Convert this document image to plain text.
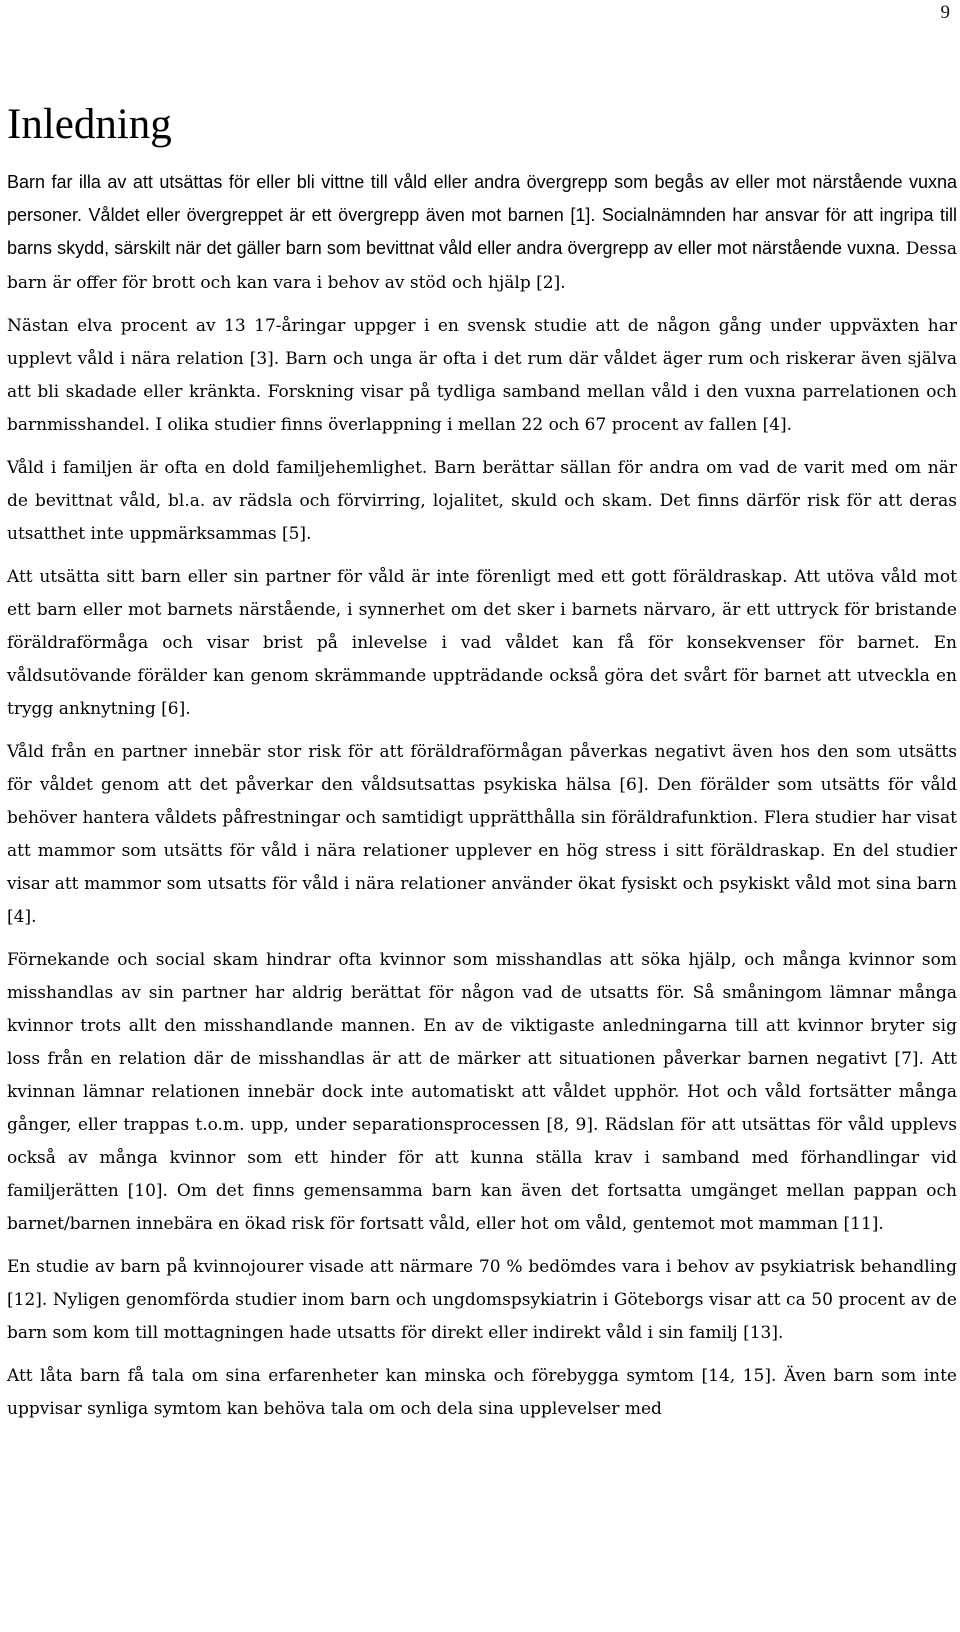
9
Inledning

Barn far illa av att utsättas för eller bli vittne till våld eller andra övergrepp som begås av eller mot närstående vuxna personer. Våldet eller övergreppet är ett övergrepp även mot barnen [1]. Socialnämnden har ansvar för att ingripa till barns skydd, särskilt när det gäller barn som bevittnat våld eller andra övergrepp av eller mot närstående vuxna. Dessa barn är offer för brott och kan vara i behov av stöd och hjälp [2].

Nästan elva procent av 13 17-åringar uppger i en svensk studie att de någon gång under uppväxten har upplevt våld i nära relation [3]. Barn och unga är ofta i det rum där våldet äger rum och riskerar även själva att bli skadade eller kränkta. Forskning visar på tydliga samband mellan våld i den vuxna parrelationen och barnmisshandel. I olika studier finns överlappning i mellan 22 och 67 procent av fallen [4].

Våld i familjen är ofta en dold familjehemlighet. Barn berättar sällan för andra om vad de varit med om när de bevittnat våld, bl.a. av rädsla och förvirring, lojalitet, skuld och skam. Det finns därför risk för att deras utsatthet inte uppmärksammas [5].

Att utsätta sitt barn eller sin partner för våld är inte förenligt med ett gott föräldraskap. Att utöva våld mot ett barn eller mot barnets närstående, i synnerhet om det sker i barnets närvaro, är ett uttryck för bristande föräldraförmåga och visar brist på inlevelse i vad våldet kan få för konsekvenser för barnet. En våldsutövande förälder kan genom skrämmande uppträdande också göra det svårt för barnet att utveckla en trygg anknytning [6].

Våld från en partner innebär stor risk för att föräldraförmågan påverkas negativt även hos den som utsätts för våldet genom att det påverkar den våldsutsattas psykiska hälsa [6]. Den förälder som utsätts för våld behöver hantera våldets påfrestningar och samtidigt upprätthålla sin föräldrafunktion. Flera studier har visat att mammor som utsätts för våld i nära relationer upplever en hög stress i sitt föräldraskap. En del studier visar att mammor som utsatts för våld i nära relationer använder ökat fysiskt och psykiskt våld mot sina barn [4].

Förnekande och social skam hindrar ofta kvinnor som misshandlas att söka hjälp, och många kvinnor som misshandlas av sin partner har aldrig berättat för någon vad de utsatts för. Så småningom lämnar många kvinnor trots allt den misshandlande mannen. En av de viktigaste anledningarna till att kvinnor bryter sig loss från en relation där de misshandlas är att de märker att situationen påverkar barnen negativt [7]. Att kvinnan lämnar relationen innebär dock inte automatiskt att våldet upphör. Hot och våld fortsätter många gånger, eller trappas t.o.m. upp, under separationsprocessen [8, 9]. Rädslan för att utsättas för våld upplevs också av många kvinnor som ett hinder för att kunna ställa krav i samband med förhandlingar vid familjerätten [10]. Om det finns gemensamma barn kan även det fortsatta umgänget mellan pappan och barnet/barnen innebära en ökad risk för fortsatt våld, eller hot om våld, gentemot mot mamman [11].

En studie av barn på kvinnojourer visade att närmare 70 % bedömdes vara i behov av psykiatrisk behandling [12]. Nyligen genomförda studier inom barn och ungdomspsykiatrin i Göteborgs visar att ca 50 procent av de barn som kom till mottagningen hade utsatts för direkt eller indirekt våld i sin familj [13].

Att låta barn få tala om sina erfarenheter kan minska och förebygga symtom [14, 15]. Även barn som inte uppvisar synliga symtom kan behöva tala om och dela sina upplevelser med
